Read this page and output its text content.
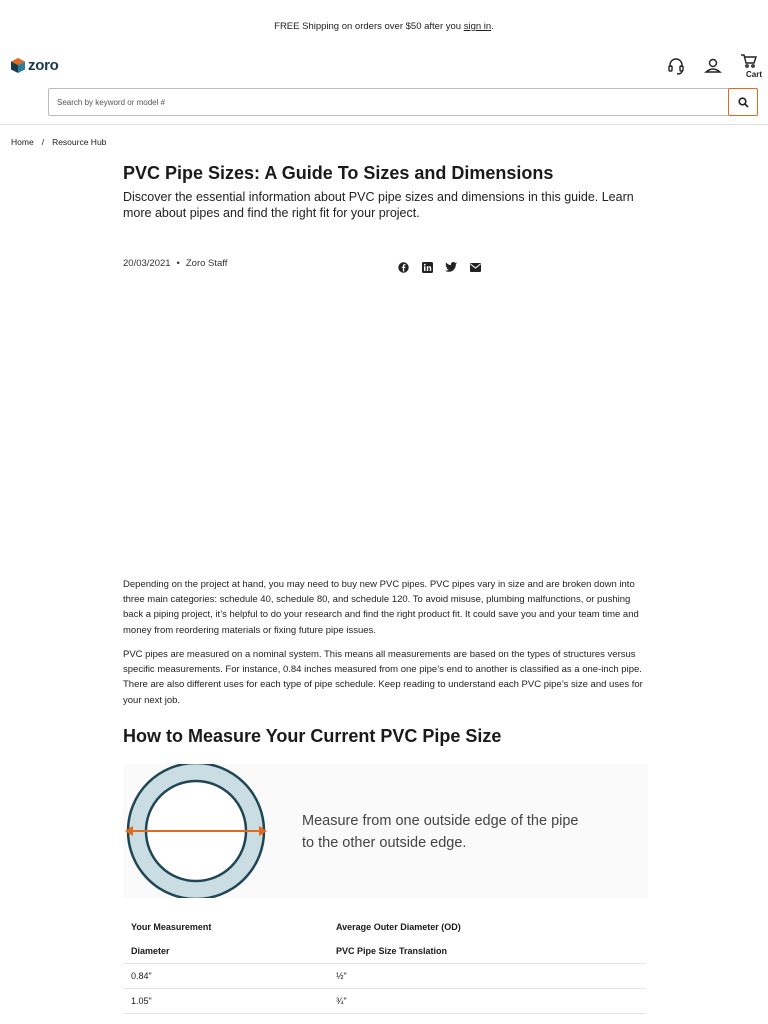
FREE Shipping on orders over $50 after you sign in.
zoro
Cart
Search by keyword or model #
Home / Resource Hub
PVC Pipe Sizes: A Guide To Sizes and Dimensions

Discover the essential information about PVC pipe sizes and dimensions in this guide. Learn more about pipes and find the right fit for your project.

20/03/2021 • Zoro Staff

Depending on the project at hand, you may need to buy new PVC pipes. PVC pipes vary in size and are broken down into three main categories: schedule 40, schedule 80, and schedule 120. To avoid misuse, plumbing malfunctions, or pushing back a piping project, it’s helpful to do your research and find the right product fit. It could save you and your team time and money from reordering materials or fixing future pipe issues.

PVC pipes are measured on a nominal system. This means all measurements are based on the types of structures versus specific measurements. For instance, 0.84 inches measured from one pipe’s end to another is classified as a one-inch pipe. There are also different uses for each type of pipe schedule. Keep reading to understand each PVC pipe’s size and uses for your next job.

How to Measure Your Current PVC Pipe Size
Measure from one outside edge of the pipe to the other outside edge.
Your Measurement	Average Outer Diameter (OD)
Diameter	PVC Pipe Size Translation
0.84"	½"
1.05"	¾"
